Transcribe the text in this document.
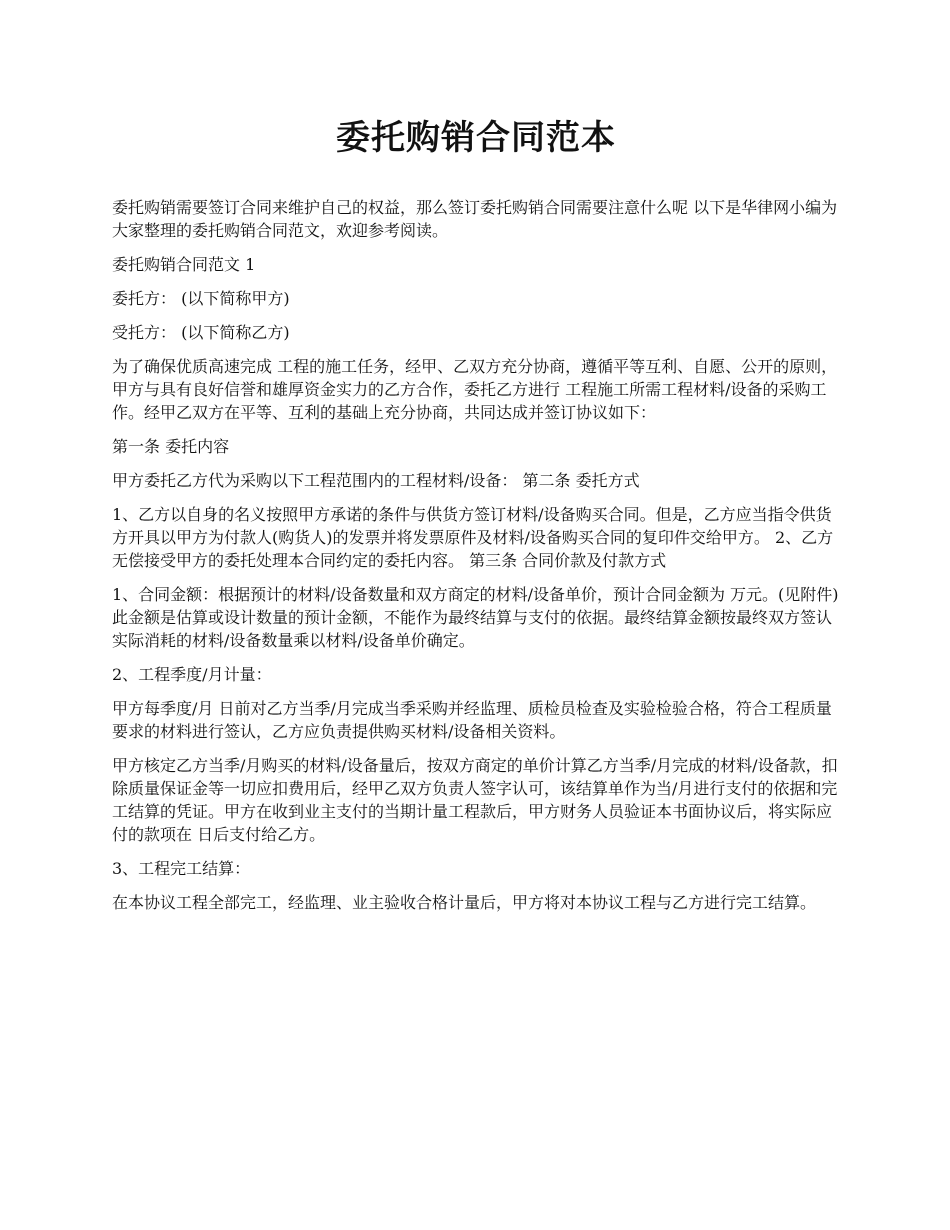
委托购销合同范本

委托购销需要签订合同来维护自己的权益，那么签订委托购销合同需要注意什么呢 以下是华律网小编为大家整理的委托购销合同范文，欢迎参考阅读。

委托购销合同范文 1

委托方： (以下简称甲方)

受托方： (以下简称乙方)

为了确保优质高速完成 工程的施工任务，经甲、乙双方充分协商，遵循平等互利、自愿、公开的原则，甲方与具有良好信誉和雄厚资金实力的乙方合作，委托乙方进行 工程施工所需工程材料/设备的采购工作。经甲乙双方在平等、互利的基础上充分协商，共同达成并签订协议如下：

第一条 委托内容

甲方委托乙方代为采购以下工程范围内的工程材料/设备： 第二条 委托方式

1、乙方以自身的名义按照甲方承诺的条件与供货方签订材料/设备购买合同。但是，乙方应当指令供货方开具以甲方为付款人(购货人)的发票并将发票原件及材料/设备购买合同的复印件交给甲方。 2、乙方无偿接受甲方的委托处理本合同约定的委托内容。 第三条 合同价款及付款方式

1、合同金额：根据预计的材料/设备数量和双方商定的材料/设备单价，预计合同金额为 万元。(见附件)此金额是估算或设计数量的预计金额，不能作为最终结算与支付的依据。最终结算金额按最终双方签认实际消耗的材料/设备数量乘以材料/设备单价确定。

2、工程季度/月计量：

甲方每季度/月 日前对乙方当季/月完成当季采购并经监理、质检员检查及实验检验合格，符合工程质量要求的材料进行签认，乙方应负责提供购买材料/设备相关资料。

甲方核定乙方当季/月购买的材料/设备量后，按双方商定的单价计算乙方当季/月完成的材料/设备款，扣除质量保证金等一切应扣费用后，经甲乙双方负责人签字认可，该结算单作为当/月进行支付的依据和完工结算的凭证。甲方在收到业主支付的当期计量工程款后，甲方财务人员验证本书面协议后，将实际应付的款项在 日后支付给乙方。

3、工程完工结算：

在本协议工程全部完工，经监理、业主验收合格计量后，甲方将对本协议工程与乙方进行完工结算。
